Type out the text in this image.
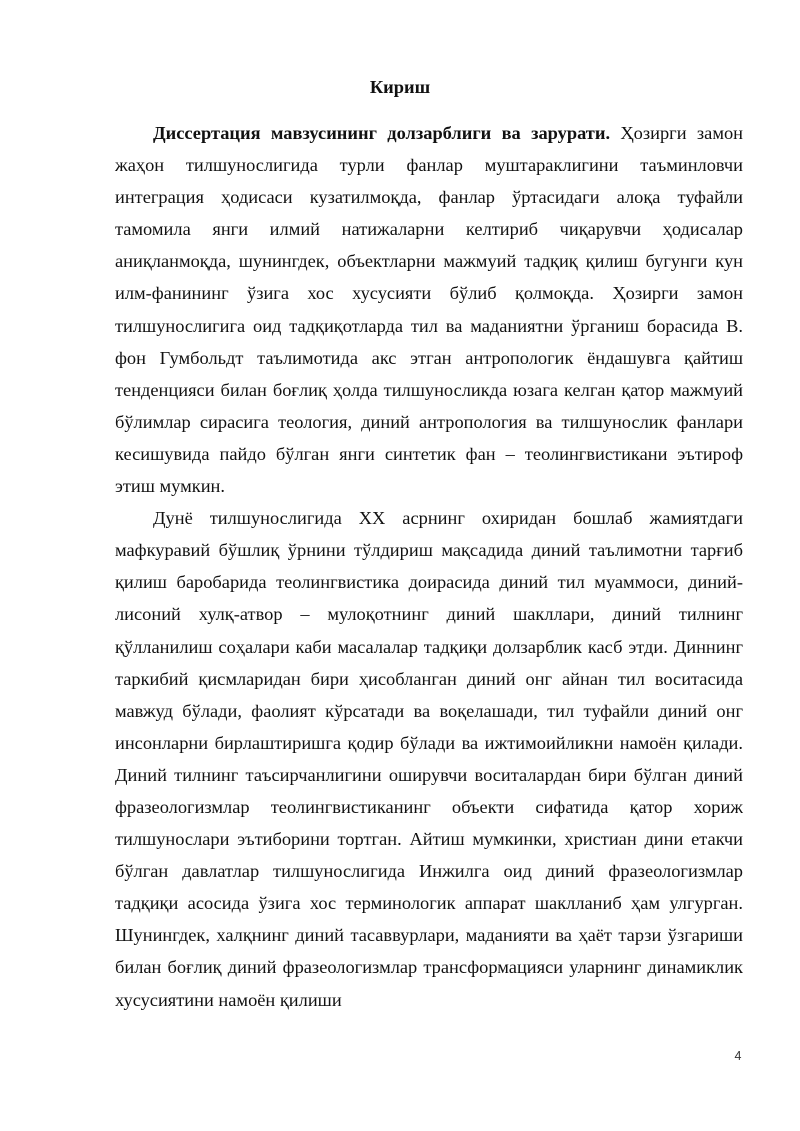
Кириш

Диссертация мавзусининг долзарблиги ва зарурати. Ҳозирги замон жаҳон тилшунослигида турли фанлар муштараклигини таъминловчи интеграция ҳодисаси кузатилмоқда, фанлар ўртасидаги алоқа туфайли тамомила янги илмий натижаларни келтириб чиқарувчи ҳодисалар аниқланмоқда, шунингдек, объектларни мажмуий тадқиқ қилиш бугунги кун илм-фанининг ўзига хос хусусияти бўлиб қолмоқда. Ҳозирги замон тилшунослигига оид тадқиқотларда тил ва маданиятни ўрганиш борасида В. фон Гумбольдт таълимотида акс этган антропологик ёндашувга қайтиш тенденцияси билан боғлиқ ҳолда тилшуносликда юзага келган қатор мажмуий бўлимлар сирасига теология, диний антропология ва тилшунослик фанлари кесишувида пайдо бўлган янги синтетик фан – теолингвистикани эътироф этиш мумкин.

Дунё тилшунослигида XX асрнинг охиридан бошлаб жамиятдаги мафкуравий бўшлиқ ўрнини тўлдириш мақсадида диний таълимотни тарғиб қилиш баробарида теолингвистика доирасида диний тил муаммоси, диний-лисоний хулқ-атвор – мулоқотнинг диний шакллари, диний тилнинг қўлланилиш соҳалари каби масалалар тадқиқи долзарблик касб этди. Диннинг таркибий қисмларидан бири ҳисобланган диний онг айнан тил воситасида мавжуд бўлади, фаолият кўрсатади ва воқелашади, тил туфайли диний онг инсонларни бирлаштиришга қодир бўлади ва ижтимоийликни намоён қилади. Диний тилнинг таъсирчанлигини оширувчи воситалардан бири бўлган диний фразеологизмлар теолингвистиканинг объекти сифатида қатор хориж тилшунослари эътиборини тортган. Айтиш мумкинки, христиан дини етакчи бўлган давлатлар тилшунослигида Инжилга оид диний фразеологизмлар тадқиқи асосида ўзига хос терминологик аппарат шаклланиб ҳам улгурган. Шунингдек, халқнинг диний тасаввурлари, маданияти ва ҳаёт тарзи ўзгариши билан боғлиқ диний фразеологизмлар трансформацияси уларнинг динамиклик хусусиятини намоён қилиши

4
